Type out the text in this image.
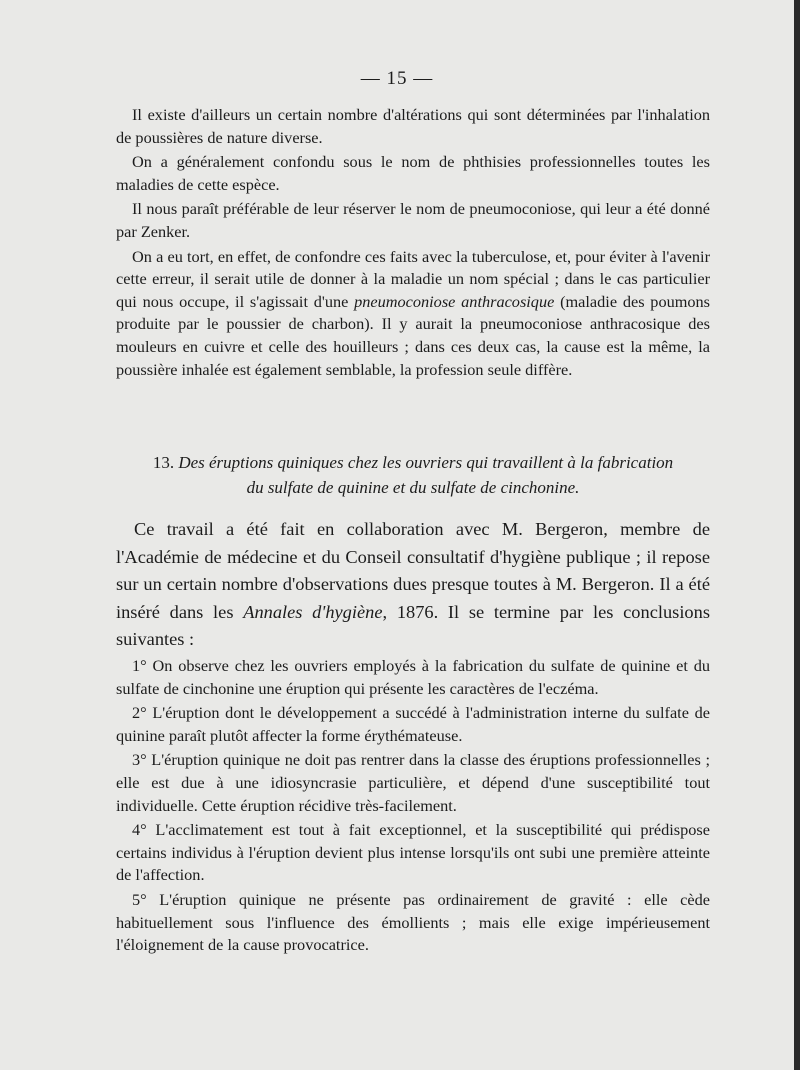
— 15 —

Il existe d'ailleurs un certain nombre d'altérations qui sont déterminées par l'inhalation de poussières de nature diverse.

On a généralement confondu sous le nom de phthisies professionnelles toutes les maladies de cette espèce.

Il nous paraît préférable de leur réserver le nom de pneumoconiose, qui leur a été donné par Zenker.

On a eu tort, en effet, de confondre ces faits avec la tuberculose, et, pour éviter à l'avenir cette erreur, il serait utile de donner à la maladie un nom spécial ; dans le cas particulier qui nous occupe, il s'agissait d'une pneumoconiose anthracosique (maladie des poumons produite par le poussier de charbon). Il y aurait la pneumoconiose anthracosique des mouleurs en cuivre et celle des houilleurs ; dans ces deux cas, la cause est la même, la poussière inhalée est également semblable, la profession seule diffère.

13. Des éruptions quiniques chez les ouvriers qui travaillent à la fabrication
du sulfate de quinine et du sulfate de cinchonine.

Ce travail a été fait en collaboration avec M. Bergeron, membre de l'Académie de médecine et du Conseil consultatif d'hygiène publique ; il repose sur un certain nombre d'observations dues presque toutes à M. Bergeron. Il a été inséré dans les Annales d'hygiène, 1876. Il se termine par les conclusions suivantes :

1° On observe chez les ouvriers employés à la fabrication du sulfate de quinine et du sulfate de cinchonine une éruption qui présente les caractères de l'eczéma.

2° L'éruption dont le développement a succédé à l'administration interne du sulfate de quinine paraît plutôt affecter la forme érythémateuse.

3° L'éruption quinique ne doit pas rentrer dans la classe des éruptions professionnelles ; elle est due à une idiosyncrasie particulière, et dépend d'une susceptibilité tout individuelle. Cette éruption récidive très-facilement.

4° L'acclimatement est tout à fait exceptionnel, et la susceptibilité qui prédispose certains individus à l'éruption devient plus intense lorsqu'ils ont subi une première atteinte de l'affection.

5° L'éruption quinique ne présente pas ordinairement de gravité : elle cède habituellement sous l'influence des émollients ; mais elle exige impérieusement l'éloignement de la cause provocatrice.
